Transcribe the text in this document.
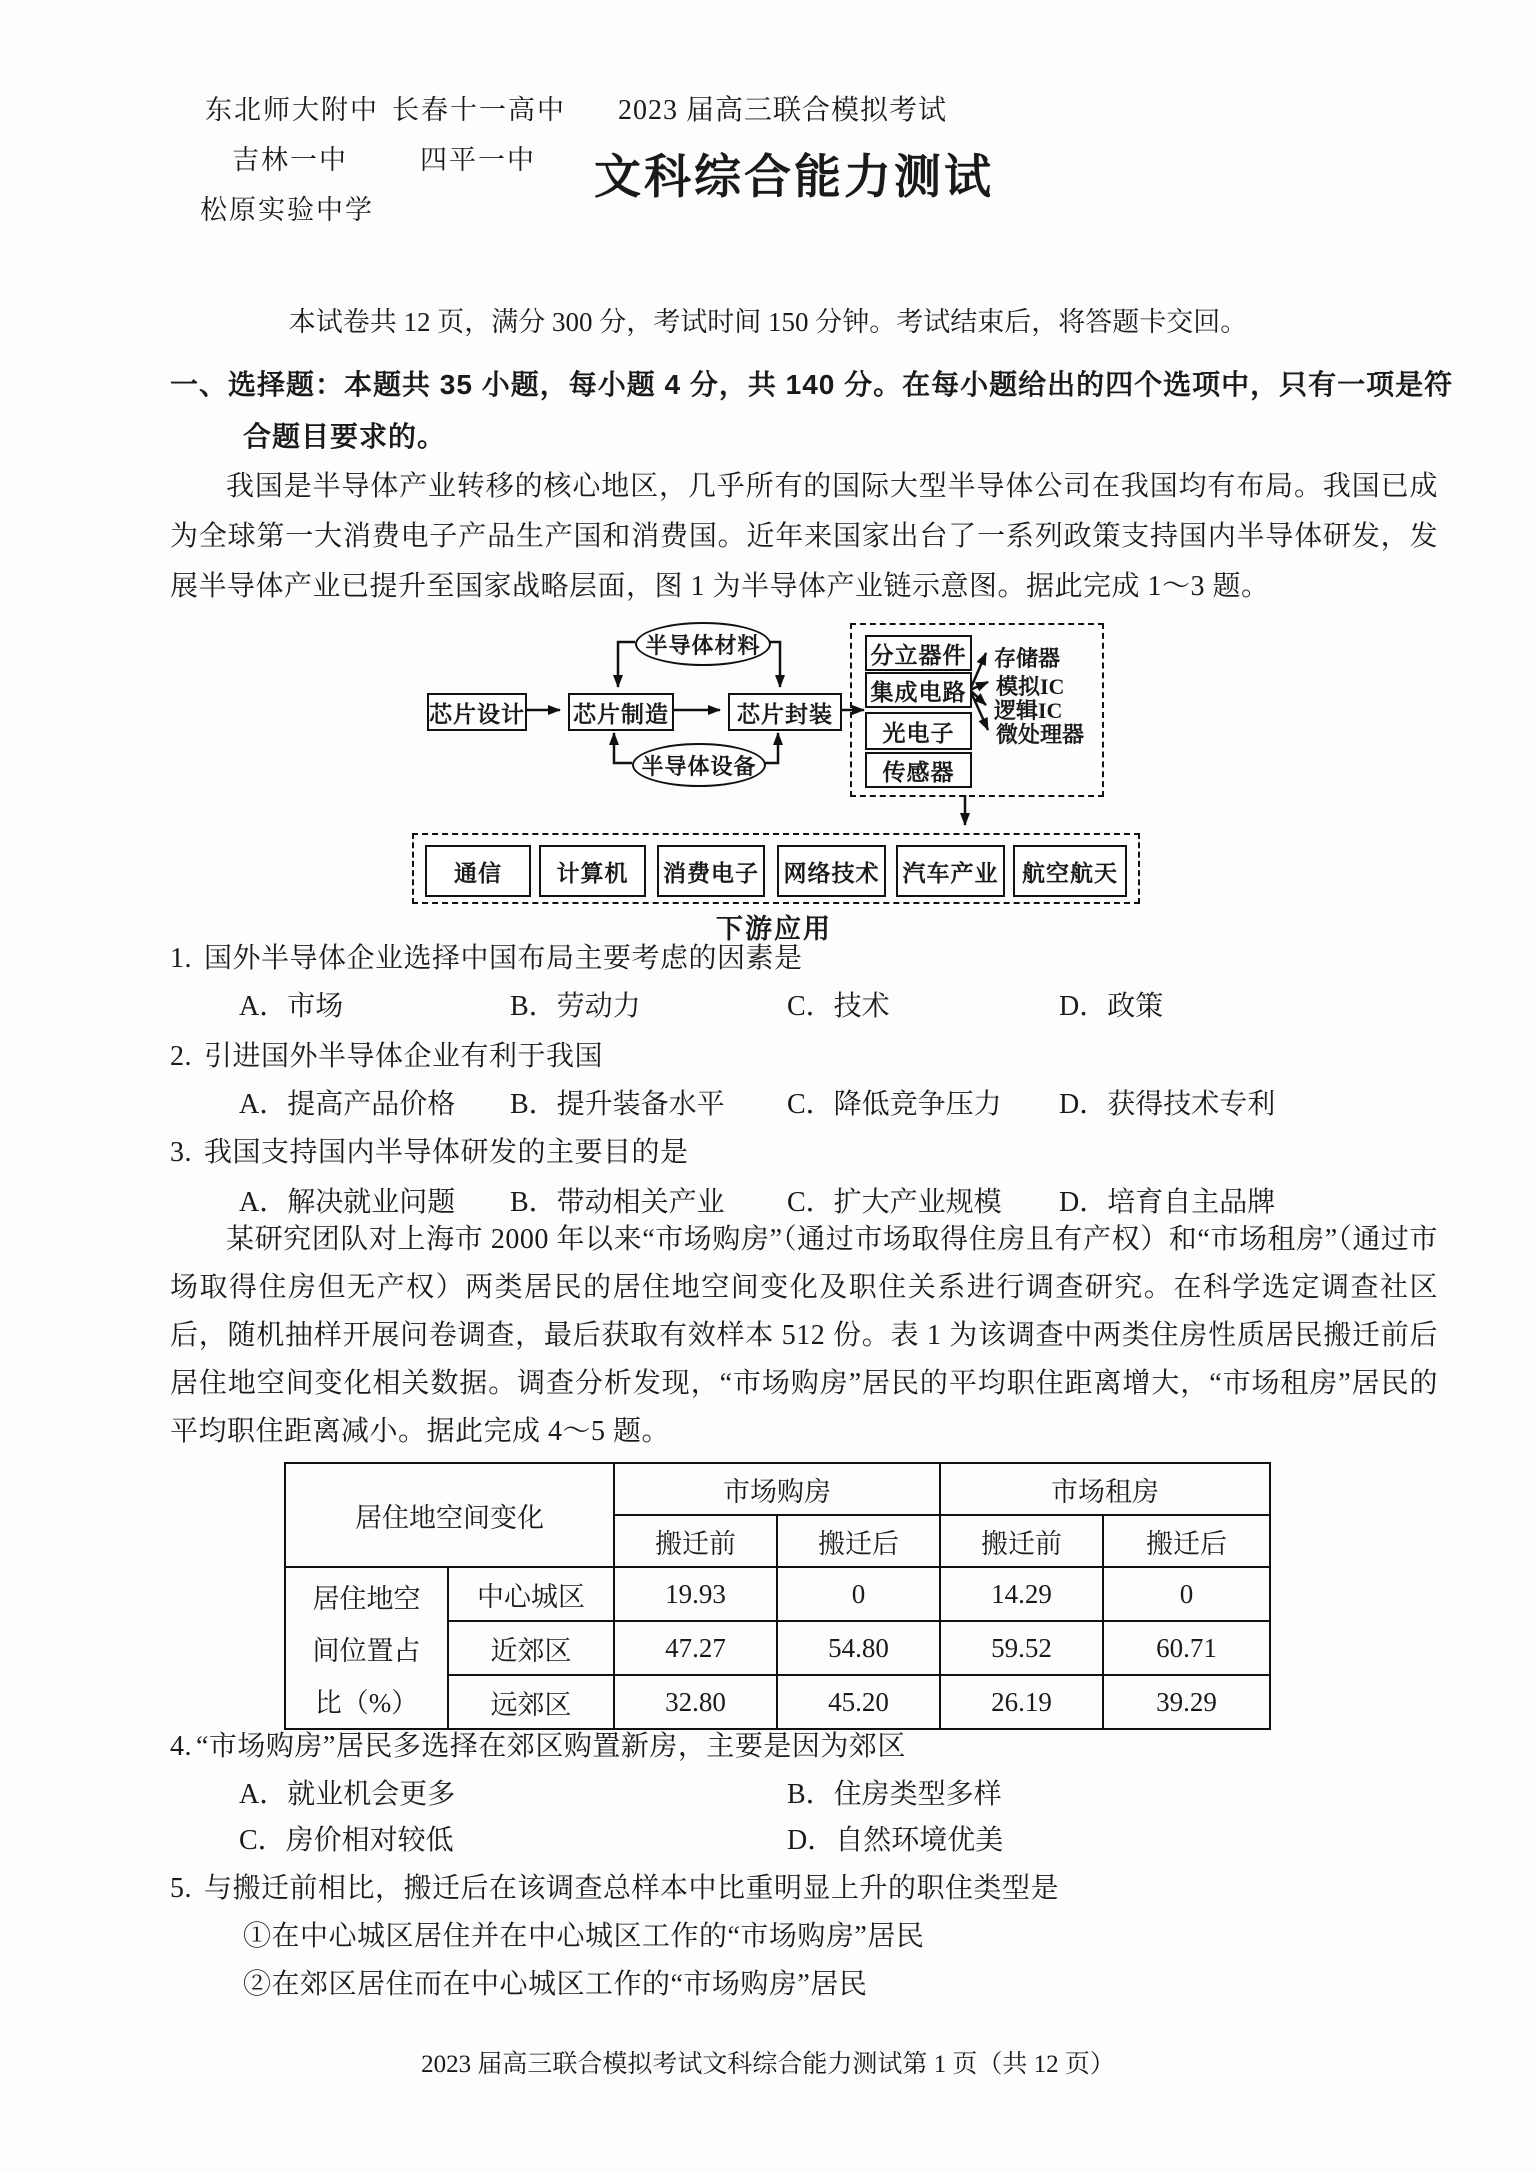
东北师大附中 长春十一高中 2023 届高三联合模拟考试
吉林一中	四平一中 文科综合能力测试
松原实验中学
本试卷共 12 页，满分 300 分，考试时间 150 分钟。考试结束后，将答题卡交回。
一、选择题：本题共 35 小题，每小题 4 分，共 140 分。在每小题给出的四个选项中，只有一项是符
合题目要求的。
我国是半导体产业转移的核心地区，几乎所有的国际大型半导体公司在我国均有布局。我国已成为全球第一大消费电子产品生产国和消费国。近年来国家出台了一系列政策支持国内半导体研发，发展半导体产业已提升至国家战略层面，图 1 为半导体产业链示意图。据此完成 1～3 题。
半导体材料
半导体设备
芯片设计 芯片制造	芯片封装
分立器件
集成电路
光电子
传感器
存储器
模拟IC
逻辑IC
微处理器
通信	计算机	消费电子 网络技术 汽车产业	航空航天
下游应用
1. 国外半导体企业选择中国布局主要考虑的因素是
A．市场	B．劳动力	C．技术	D．政策
2. 引进国外半导体企业有利于我国
A．提高产品价格	B．提升装备水平	C．降低竞争压力	D．获得技术专利
3. 我国支持国内半导体研发的主要目的是
A．解决就业问题	B．带动相关产业	C．扩大产业规模	D．培育自主品牌
某研究团队对上海市 2000 年以来“市场购房”（通过市场取得住房且有产权）和“市场租房”（通过市场取得住房但无产权）两类居民的居住地空间变化及职住关系进行调查研究。在科学选定调查社区后，随机抽样开展问卷调查，最后获取有效样本 512 份。表 1 为该调查中两类住房性质居民搬迁前后居住地空间变化相关数据。调查分析发现，“市场购房”居民的平均职住距离增大，“市场租房”居民的平均职住距离减小。据此完成 4～5 题。
居住地空间变化		市场购房		市场租房	
		搬迁前	搬迁后	搬迁前	搬迁后

居住地空
间位置占
比（%）	中心城区	19.93	0	14.29	0
	近郊区	47.27	54.80	59.52	60.71
	远郊区	32.80	45.20	26.19	39.29
4. “市场购房”居民多选择在郊区购置新房，主要是因为郊区
A．就业机会更多	B．住房类型多样
C．房价相对较低	D．自然环境优美
5. 与搬迁前相比，搬迁后在该调查总样本中比重明显上升的职住类型是
①在中心城区居住并在中心城区工作的“市场购房”居民
②在郊区居住而在中心城区工作的“市场购房”居民
2023 届高三联合模拟考试文科综合能力测试第 1 页（共 12 页）
